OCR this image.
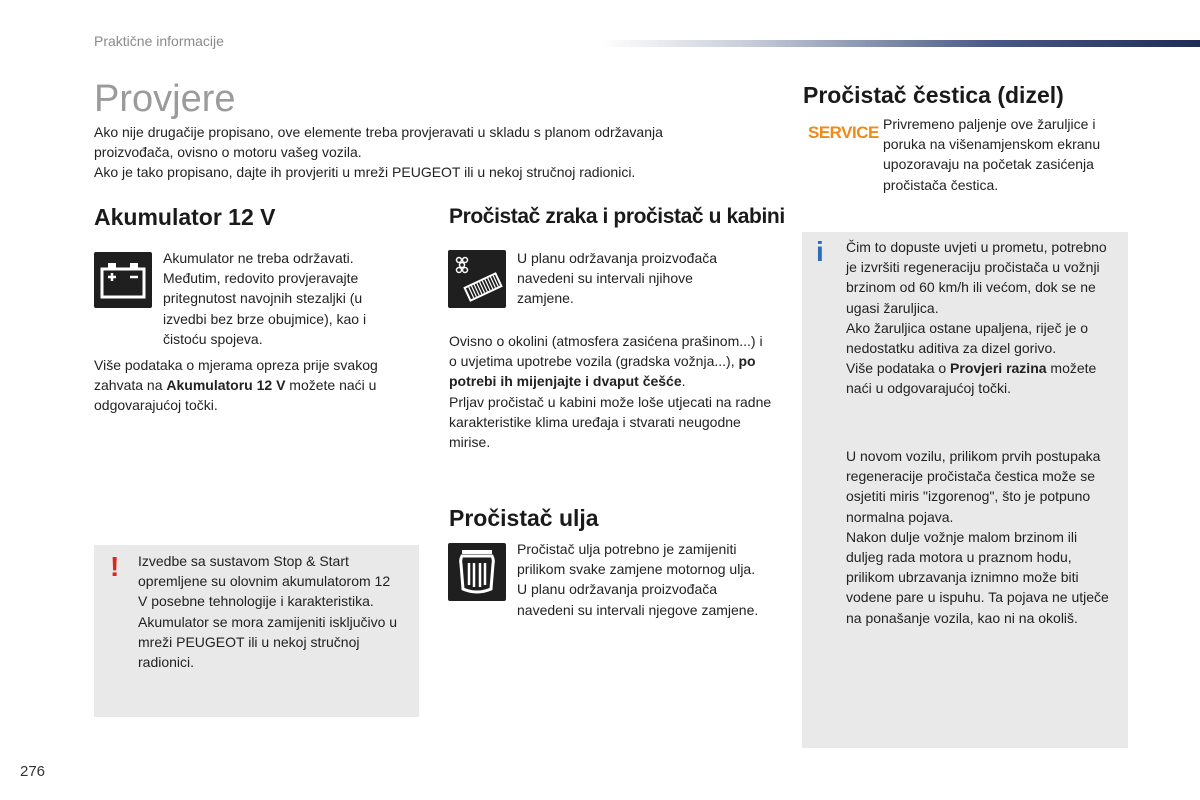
Praktične informacije
Provjere

Ako nije drugačije propisano, ove elemente treba provjeravati u skladu s planom održavanja proizvođača, ovisno o motoru vašeg vozila.

Ako je tako propisano, dajte ih provjeriti u mreži PEUGEOT ili u nekoj stručnoj radionici.

Akumulator 12 V
Akumulator ne treba održavati. Međutim, redovito provjeravajte pritegnutost navojnih stezaljki (u izvedbi bez brze obujmice), kao i čistoću spojeva.
Više podataka o mjerama opreza prije svakog zahvata na Akumulatoru 12 V možete naći u odgovarajućoj točki.
! Izvedbe sa sustavom Stop & Start opremljene su olovnim akumulatorom 12 V posebne tehnologije i karakteristika.

Akumulator se mora zamijeniti isključivo u mreži PEUGEOT ili u nekoj stručnoj radionici.

Pročistač zraka i pročistač u kabini
U planu održavanja proizvođača navedeni su intervali njihove zamjene.

Ovisno o okolini (atmosfera zasićena prašinom...) i o uvjetima upotrebe vozila (gradska vožnja...), po potrebi ih mijenjajte i dvaput češće.

Prljav pročistač u kabini može loše utjecati na radne karakteristike klima uređaja i stvarati neugodne mirise.

Pročistač ulja

Pročistač ulja potrebno je zamijeniti prilikom svake zamjene motornog ulja.

U planu održavanja proizvođača navedeni su intervali njegove zamjene.

Pročistač čestica (dizel)
SERVICE Privremeno paljenje ove žaruljice i poruka na višenamjenskom ekranu upozoravaju na početak zasićenja pročistača čestica.
i Čim to dopuste uvjeti u prometu, potrebno je izvršiti regeneraciju pročistača u vožnji brzinom od 60 km/h ili većom, dok se ne ugasi žaruljica.

Ako žaruljica ostane upaljena, riječ je o nedostatku aditiva za dizel gorivo.

Više podataka o Provjeri razina možete naći u odgovarajućoj točki.

U novom vozilu, prilikom prvih postupaka regeneracije pročistača čestica može se osjetiti miris "izgorenog", što je potpuno normalna pojava.

Nakon dulje vožnje malom brzinom ili duljeg rada motora u praznom hodu, prilikom ubrzavanja iznimno može biti vodene pare u ispuhu. Ta pojava ne utječe na ponašanje vozila, kao ni na okoliš.

276
